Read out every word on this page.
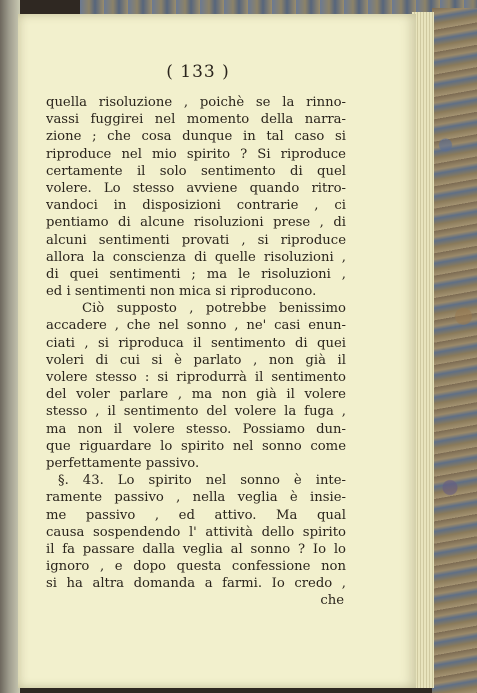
( 133 )
quella risoluzione , poichè se la rinno-
vassi fuggirei nel momento della narra-
zione ; che cosa dunque in tal caso si
riproduce nel mio spirito ? Si riproduce
certamente il solo sentimento di quel
volere. Lo stesso avviene quando ritro-
vandoci in disposizioni contrarie , ci
pentiamo di alcune risoluzioni prese , di
alcuni sentimenti provati , si riproduce
allora la conscienza di quelle risoluzioni ,
di quei sentimenti ; ma le risoluzioni ,
ed i sentimenti non mica si riproducono.
Ciò supposto , potrebbe benissimo
accadere , che nel sonno , ne' casi enun-
ciati , si riproduca il sentimento di quei
voleri di cui si è parlato , non già il
volere stesso : si riprodurrà il sentimento
del voler parlare , ma non già il volere
stesso , il sentimento del volere la fuga ,
ma non il volere stesso. Possiamo dun-
que riguardare lo spirito nel sonno come
perfettamente passivo.
§. 43. Lo spirito nel sonno è inte-
ramente passivo , nella veglia è insie-
me passivo , ed attivo. Ma qual
causa sospendendo l' attività dello spirito
il fa passare dalla veglia al sonno ? Io lo
ignoro , e dopo questa confessione non
si ha altra domanda a farmi. Io credo ,
che
